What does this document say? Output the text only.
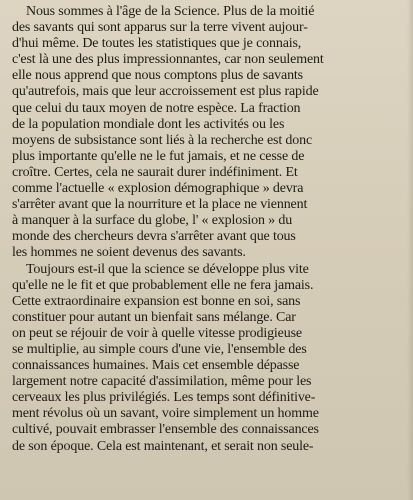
Nous sommes à l'âge de la Science. Plus de la moitié
des savants qui sont apparus sur la terre vivent aujour-
d'hui même. De toutes les statistiques que je connais,
c'est là une des plus impressionnantes, car non seulement
elle nous apprend que nous comptons plus de savants
qu'autrefois, mais que leur accroissement est plus rapide
que celui du taux moyen de notre espèce. La fraction
de la population mondiale dont les activités ou les
moyens de subsistance sont liés à la recherche est donc
plus importante qu'elle ne le fut jamais, et ne cesse de
croître. Certes, cela ne saurait durer indéfiniment. Et
comme l'actuelle « explosion démographique » devra
s'arrêter avant que la nourriture et la place ne viennent
à manquer à la surface du globe, l' « explosion » du
monde des chercheurs devra s'arrêter avant que tous
les hommes ne soient devenus des savants.
Toujours est-il que la science se développe plus vite
qu'elle ne le fit et que probablement elle ne fera jamais.
Cette extraordinaire expansion est bonne en soi, sans
constituer pour autant un bienfait sans mélange. Car
on peut se réjouir de voir à quelle vitesse prodigieuse
se multiplie, au simple cours d'une vie, l'ensemble des
connaissances humaines. Mais cet ensemble dépasse
largement notre capacité d'assimilation, même pour les
cerveaux les plus privilégiés. Les temps sont définitive-
ment révolus où un savant, voire simplement un homme
cultivé, pouvait embrasser l'ensemble des connaissances
de son époque. Cela est maintenant, et serait non seule-
